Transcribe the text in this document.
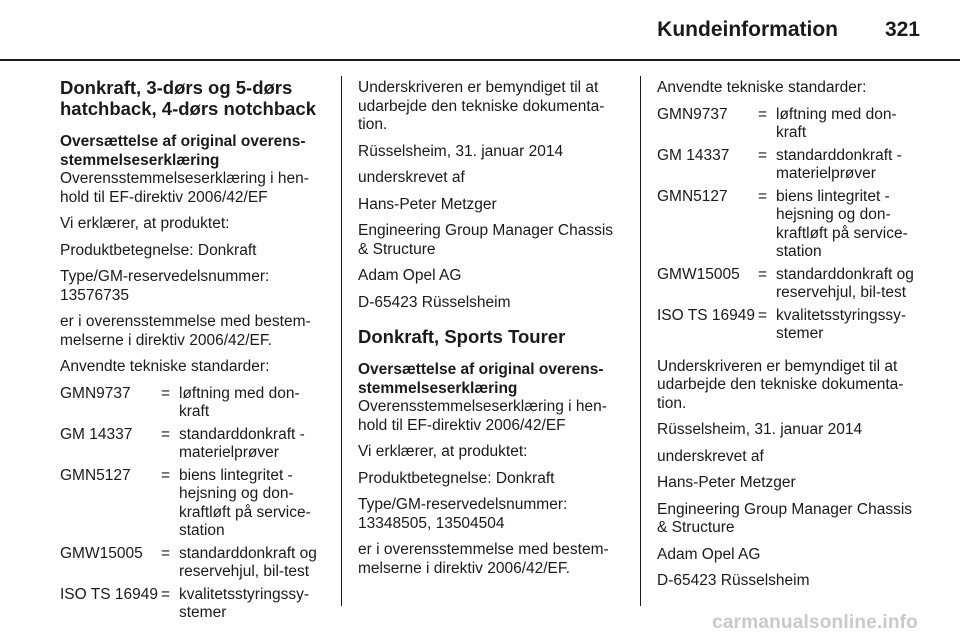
Kundeinformation 321
Donkraft, 3-dørs og 5-dørs hatchback, 4-dørs notchback
Oversættelse af original overens-stemmelseserklæring

Overensstemmelseserklæring i hen-hold til EF-direktiv 2006/42/EF

Vi erklærer, at produktet:

Produktbetegnelse: Donkraft

Type/GM-reservedelsnummer: 13576735

er i overensstemmelse med bestem-melserne i direktiv 2006/42/EF.

Anvendte tekniske standarder:

GMN9737	= løftning med don-kraft
GM 14337	= standarddonkraft - materielprøver
GMN5127	= biens lintegritet - hejsning og don-kraftløft på service-station
GMW15005	= standarddonkraft og reservehjul, bil-test
ISO TS 16949 = kvalitetsstyringssy-stemer

Underskriveren er bemyndiget til at udarbejde den tekniske dokumenta-tion.

Rüsselsheim, 31. januar 2014

underskrevet af

Hans-Peter Metzger

Engineering Group Manager Chassis & Structure

Adam Opel AG

D-65423 Rüsselsheim

Donkraft, Sports Tourer
Oversættelse af original overens-stemmelseserklæring

Overensstemmelseserklæring i hen-hold til EF-direktiv 2006/42/EF

Vi erklærer, at produktet:

Produktbetegnelse: Donkraft

Type/GM-reservedelsnummer: 13348505, 13504504

er i overensstemmelse med bestem-melserne i direktiv 2006/42/EF.

Anvendte tekniske standarder:

GMN9737	= løftning med don-kraft
GM 14337	= standarddonkraft - materielprøver
GMN5127	= biens lintegritet - hejsning og don-kraftløft på service-station
GMW15005	= standarddonkraft og reservehjul, bil-test
ISO TS 16949 = kvalitetsstyringssy-stemer

Underskriveren er bemyndiget til at udarbejde den tekniske dokumenta-tion.

Rüsselsheim, 31. januar 2014

underskrevet af

Hans-Peter Metzger

Engineering Group Manager Chassis & Structure

Adam Opel AG

D-65423 Rüsselsheim

carmanualsonline.info
